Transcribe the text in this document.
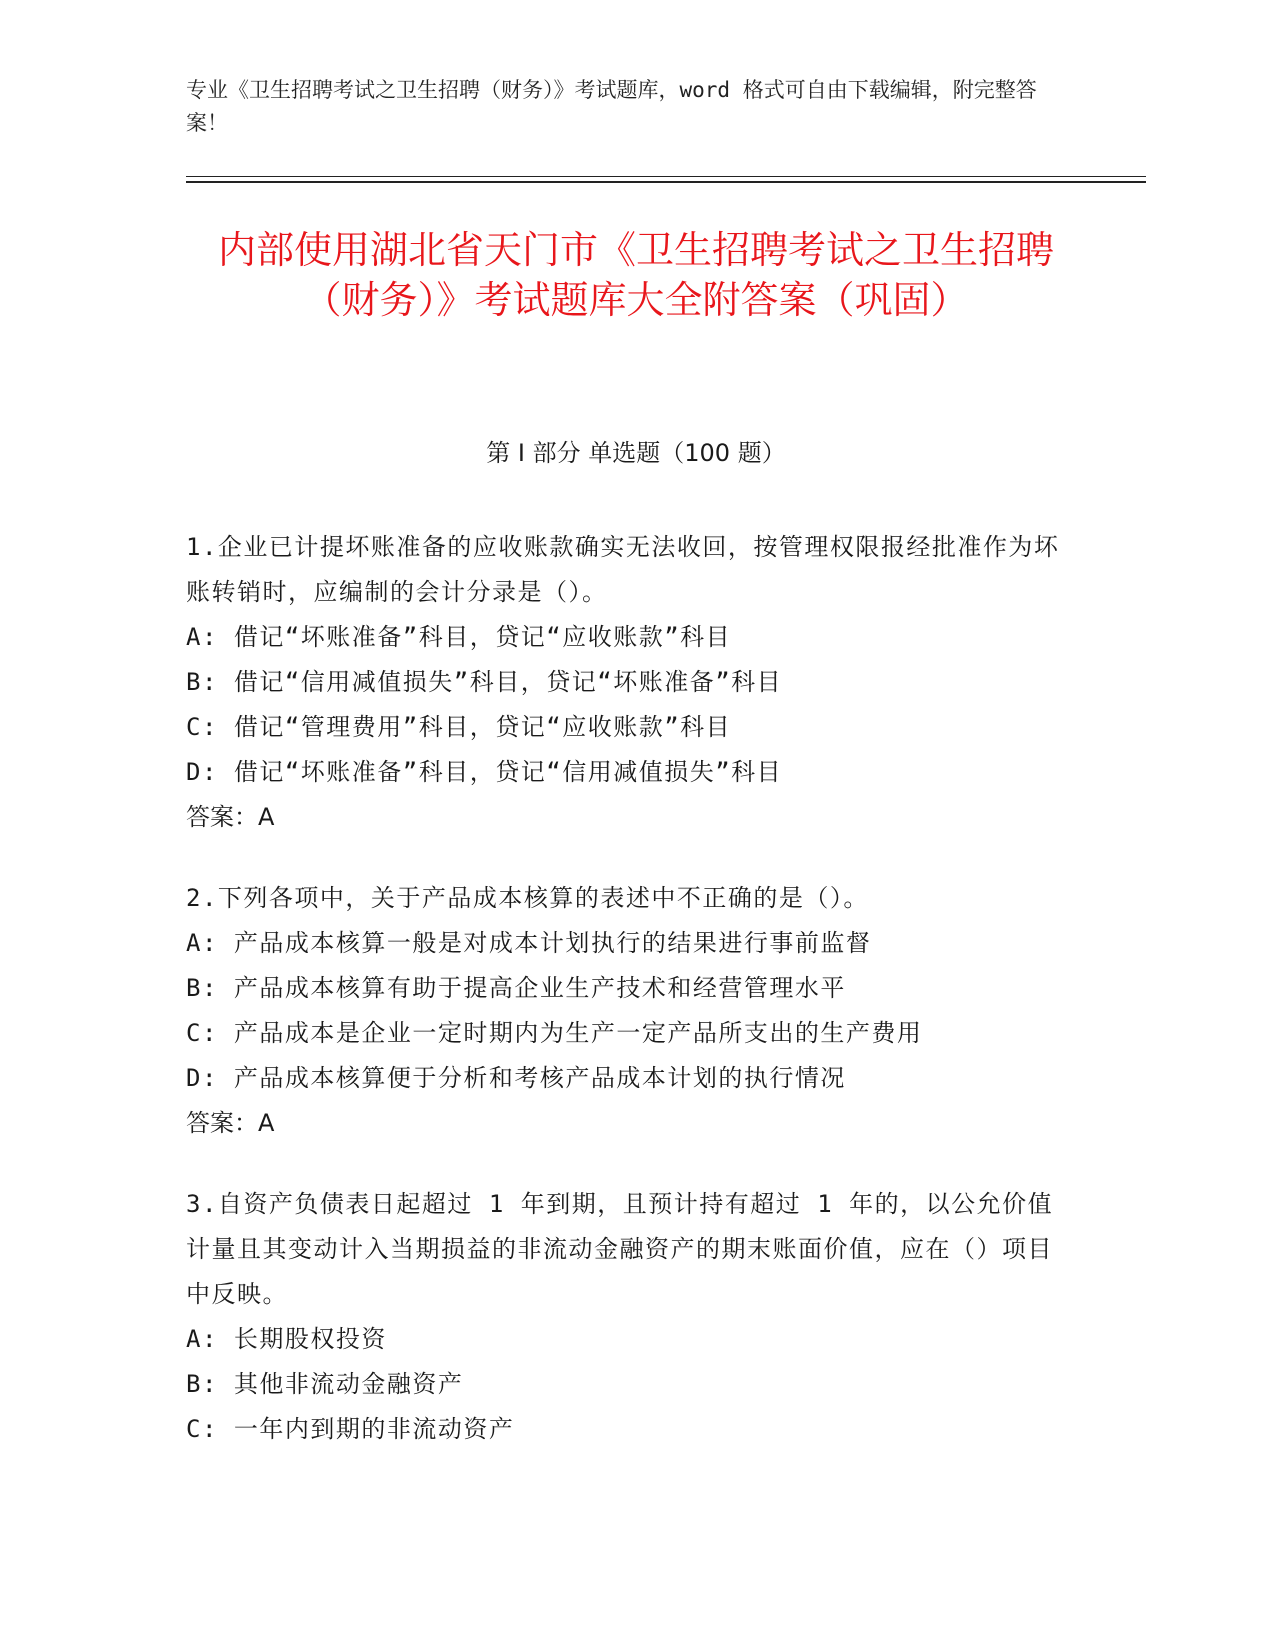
专业《卫生招聘考试之卫生招聘（财务）》考试题库，word 格式可自由下载编辑，附完整答案！
内部使用湖北省天门市《卫生招聘考试之卫生招聘（财务）》考试题库大全附答案（巩固）
第 I 部分 单选题（100 题）
1.企业已计提坏账准备的应收账款确实无法收回，按管理权限报经批准作为坏账转销时，应编制的会计分录是（）。
A: 借记“坏账准备”科目，贷记“应收账款”科目
B: 借记“信用减值损失”科目，贷记“坏账准备”科目
C: 借记“管理费用”科目，贷记“应收账款”科目
D: 借记“坏账准备”科目，贷记“信用减值损失”科目
答案：A
2.下列各项中，关于产品成本核算的表述中不正确的是（）。
A: 产品成本核算一般是对成本计划执行的结果进行事前监督
B: 产品成本核算有助于提高企业生产技术和经营管理水平
C: 产品成本是企业一定时期内为生产一定产品所支出的生产费用
D: 产品成本核算便于分析和考核产品成本计划的执行情况
答案：A
3.自资产负债表日起超过 1 年到期，且预计持有超过 1 年的，以公允价值计量且其变动计入当期损益的非流动金融资产的期末账面价值，应在（）项目中反映。
A: 长期股权投资
B: 其他非流动金融资产
C: 一年内到期的非流动资产
